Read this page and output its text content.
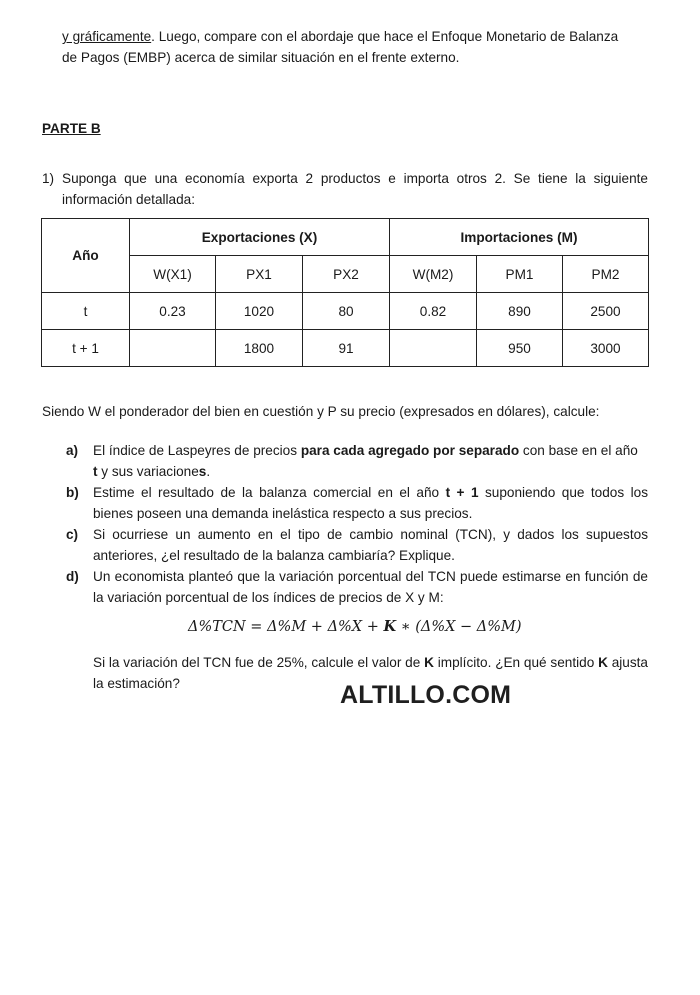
y gráficamente. Luego, compare con el abordaje que hace el Enfoque Monetario de Balanza
de Pagos (EMBP) acerca de similar situación en el frente externo.

PARTE B

1) Suponga que una economía exporta 2 productos e importa otros 2. Se tiene la siguiente información detallada:

Año	Exportaciones (X)			Importaciones (M)		
	W(X1)	PX1	PX2	W(M2)	PM1	PM2
t	0.23	1020	80	0.82	890	2500
t + 1		1800	91		950	3000

Siendo W el ponderador del bien en cuestión y P su precio (expresados en dólares), calcule:

a) El índice de Laspeyres de precios para cada agregado por separado con base en el año
t y sus variaciones.

b) Estime el resultado de la balanza comercial en el año t + 1 suponiendo que todos los bienes poseen una demanda inelástica respecto a sus precios.

c) Si ocurriese un aumento en el tipo de cambio nominal (TCN), y dados los supuestos anteriores, ¿el resultado de la balanza cambiaría? Explique.

d) Un economista planteó que la variación porcentual del TCN puede estimarse en función de la variación porcentual de los índices de precios de X y M:

Δ%TCN = Δ%M + Δ%X + K ∗ (Δ%X − Δ%M)

Si la variación del TCN fue de 25%, calcule el valor de K implícito. ¿En qué sentido K ajusta la estimación?	ALTILLO.COM
